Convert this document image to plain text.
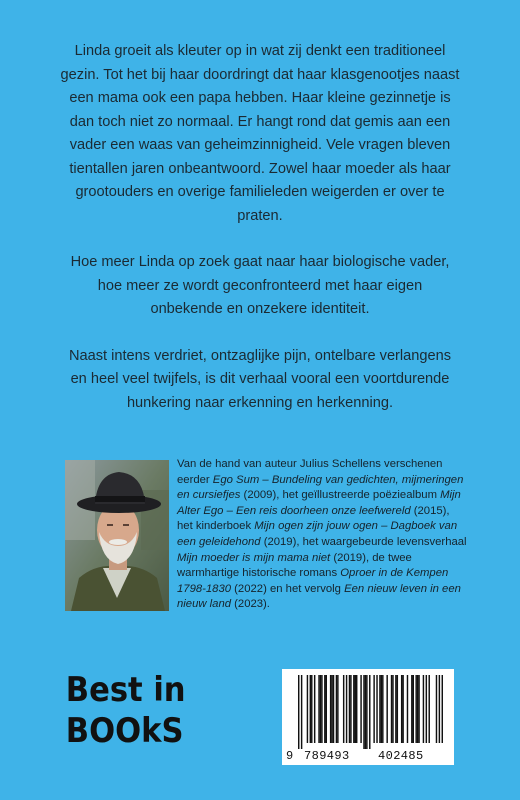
Linda groeit als kleuter op in wat zij denkt een traditioneel gezin. Tot het bij haar doordringt dat haar klasgenootjes naast een mama ook een papa hebben. Haar kleine gezinnetje is dan toch niet zo normaal. Er hangt rond dat gemis aan een vader een waas van geheimzinnigheid. Vele vragen bleven tientallen jaren onbeantwoord. Zowel haar moeder als haar grootouders en overige familieleden weigerden er over te praten.

Hoe meer Linda op zoek gaat naar haar biologische vader, hoe meer ze wordt geconfronteerd met haar eigen onbekende en onzekere identiteit.

Naast intens verdriet, ontzaglijke pijn, ontelbare verlangens en heel veel twijfels, is dit verhaal vooral een voortdurende hunkering naar erkenning en herkenning.

Van de hand van auteur Julius Schellens verschenen eerder Ego Sum – Bundeling van gedichten, mijmeringen en cursiefjes (2009), het geïllustreerde poëziealbum Mijn Alter Ego – Een reis doorheen onze leefwereld (2015), het kinderboek Mijn ogen zijn jouw ogen – Dagboek van een geleidehond (2019), het waargebeurde levensverhaal Mijn moeder is mijn mama niet (2019), de twee warmhartige historische romans Oproer in de Kempen 1798-1830 (2022) en het vervolg Een nieuw leven in een nieuw land (2023).
Best in
BOOkS
9 789493 402485
